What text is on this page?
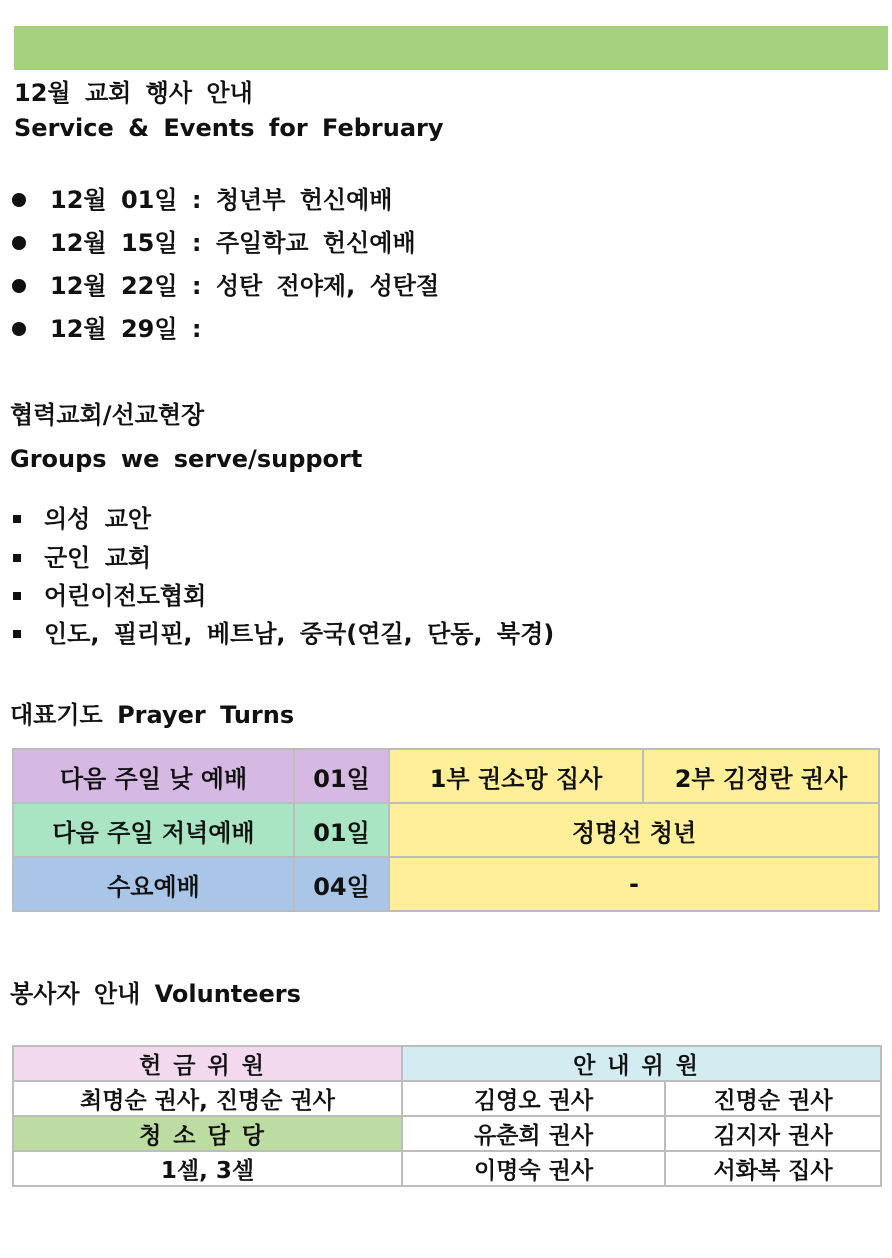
12월 교회 행사 안내
Service & Events for February
12월 01일 : 청년부 헌신예배
12월 15일 : 주일학교 헌신예배
12월 22일 : 성탄 전야제, 성탄절
12월 29일 :
협력교회/선교현장
Groups we serve/support
의성 교안
군인 교회
어린이전도협회
인도, 필리핀, 베트남, 중국(연길, 단동, 북경)
대표기도 Prayer Turns
다음 주일 낮 예배	01일	1부 권소망 집사	2부 김정란 권사
다음 주일 저녁예배	01일	정명선 청년	
수요예배	04일	-	
봉사자 안내 Volunteers
헌금위원	안내위원	
최명순 권사, 진명순 권사	김영오 권사	진명순 권사
청소담당	유춘희 권사	김지자 권사
1셀, 3셀	이명숙 권사	서화복 집사
